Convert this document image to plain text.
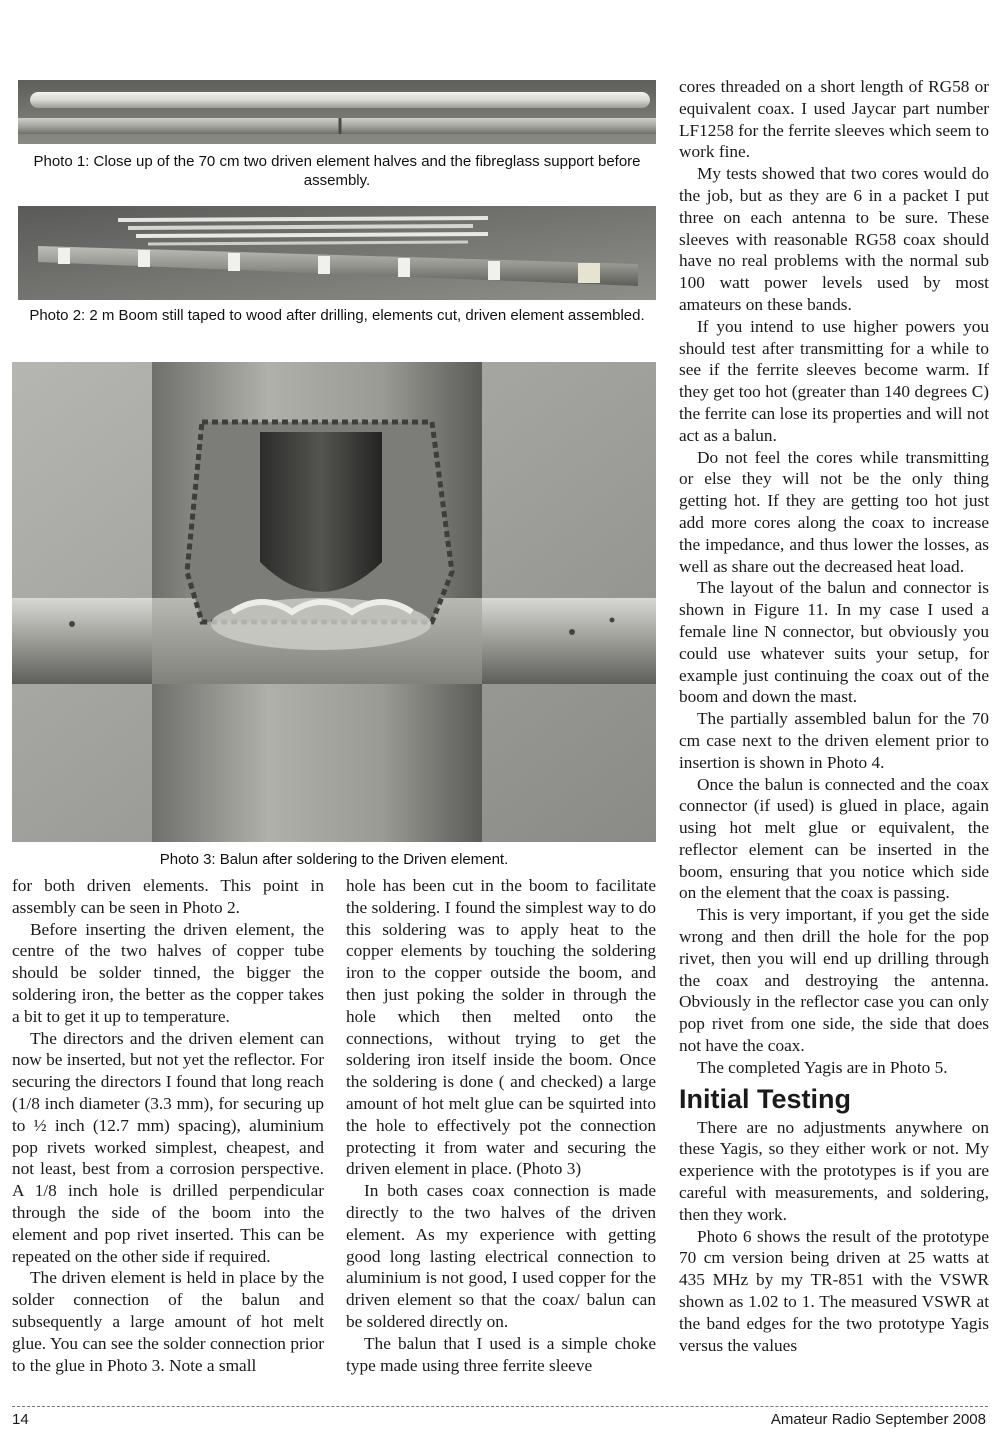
Photo 1: Close up of the 70 cm two driven element halves and the fibreglass support before assembly.
Photo 2: 2 m Boom still taped to wood after drilling, elements cut, driven element assembled.
Photo 3: Balun after soldering to the Driven element.

for both driven elements. This point in assembly can be seen in Photo 2.

Before inserting the driven element, the centre of the two halves of copper tube should be solder tinned, the bigger the soldering iron, the better as the copper takes a bit to get it up to temperature.

The directors and the driven element can now be inserted, but not yet the reflector. For securing the directors I found that long reach (1/8 inch diameter (3.3 mm), for securing up to ½ inch (12.7 mm) spacing), aluminium pop rivets worked simplest, cheapest, and not least, best from a corrosion perspective. A 1/8 inch hole is drilled perpendicular through the side of the boom into the element and pop rivet inserted. This can be repeated on the other side if required.

The driven element is held in place by the solder connection of the balun and subsequently a large amount of hot melt glue. You can see the solder connection prior to the glue in Photo 3. Note a small

hole has been cut in the boom to facilitate the soldering. I found the simplest way to do this soldering was to apply heat to the copper elements by touching the soldering iron to the copper outside the boom, and then just poking the solder in through the hole which then melted onto the connections, without trying to get the soldering iron itself inside the boom. Once the soldering is done ( and checked) a large amount of hot melt glue can be squirted into the hole to effectively pot the connection protecting it from water and securing the driven element in place. (Photo 3)

In both cases coax connection is made directly to the two halves of the driven element. As my experience with getting good long lasting electrical connection to aluminium is not good, I used copper for the driven element so that the coax/ balun can be soldered directly on.

The balun that I used is a simple choke type made using three ferrite sleeve

cores threaded on a short length of RG58 or equivalent coax. I used Jaycar part number LF1258 for the ferrite sleeves which seem to work fine.

My tests showed that two cores would do the job, but as they are 6 in a packet I put three on each antenna to be sure. These sleeves with reasonable RG58 coax should have no real problems with the normal sub 100 watt power levels used by most amateurs on these bands.

If you intend to use higher powers you should test after transmitting for a while to see if the ferrite sleeves become warm. If they get too hot (greater than 140 degrees C) the ferrite can lose its properties and will not act as a balun.

Do not feel the cores while transmitting or else they will not be the only thing getting hot. If they are getting too hot just add more cores along the coax to increase the impedance, and thus lower the losses, as well as share out the decreased heat load.

The layout of the balun and connector is shown in Figure 11. In my case I used a female line N connector, but obviously you could use whatever suits your setup, for example just continuing the coax out of the boom and down the mast.

The partially assembled balun for the 70 cm case next to the driven element prior to insertion is shown in Photo 4.

Once the balun is connected and the coax connector (if used) is glued in place, again using hot melt glue or equivalent, the reflector element can be inserted in the boom, ensuring that you notice which side on the element that the coax is passing.

This is very important, if you get the side wrong and then drill the hole for the pop rivet, then you will end up drilling through the coax and destroying the antenna. Obviously in the reflector case you can only pop rivet from one side, the side that does not have the coax.

The completed Yagis are in Photo 5.

Initial Testing

There are no adjustments anywhere on these Yagis, so they either work or not. My experience with the prototypes is if you are careful with measurements, and soldering, then they work.

Photo 6 shows the result of the prototype 70 cm version being driven at 25 watts at 435 MHz by my TR-851 with the VSWR shown as 1.02 to 1. The measured VSWR at the band edges for the two prototype Yagis versus the values

14	Amateur Radio September 2008
